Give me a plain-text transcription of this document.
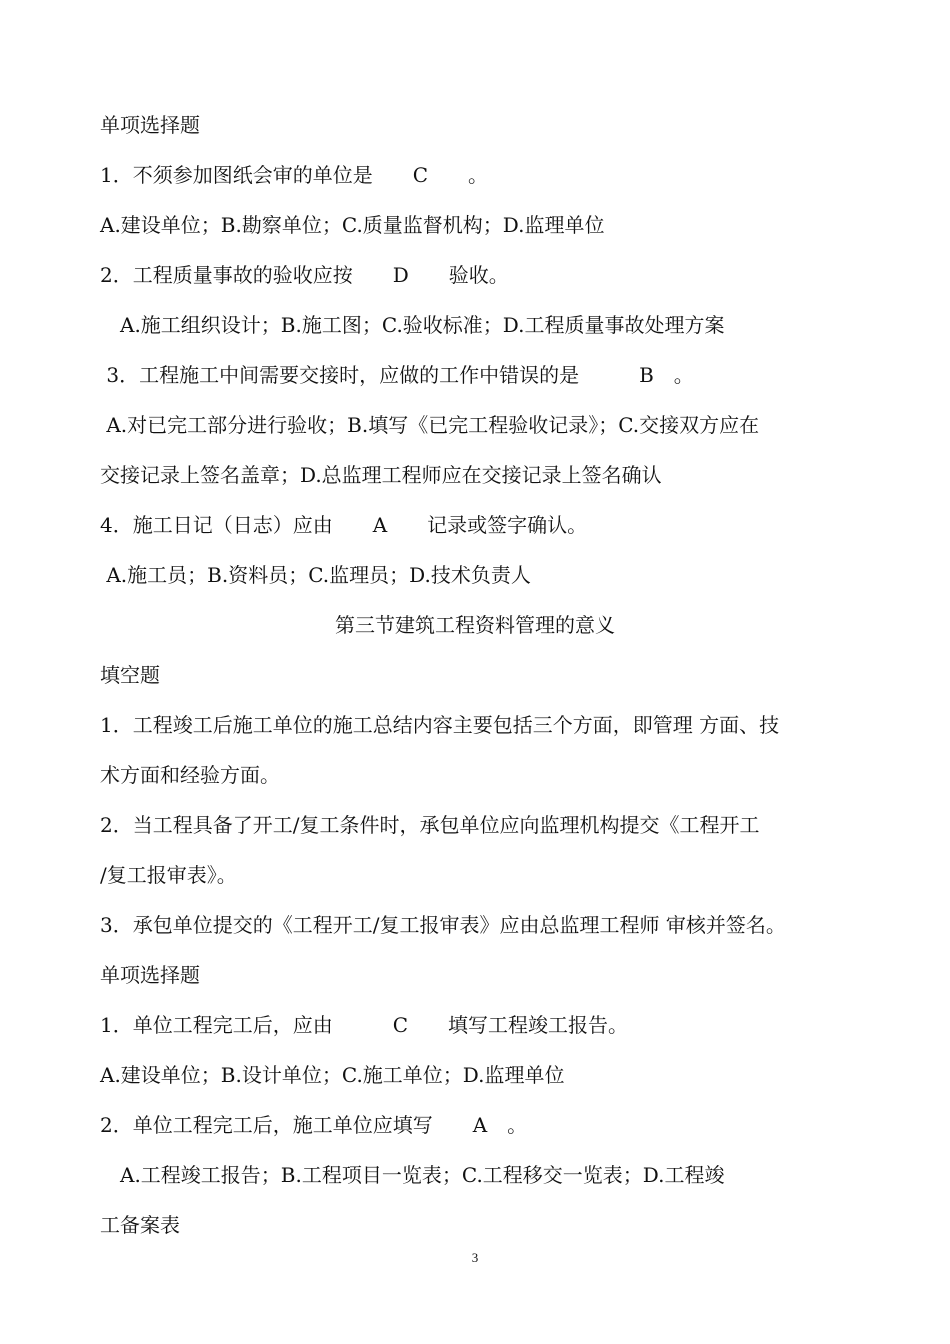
单项选择题
1．不须参加图纸会审的单位是　　C　　。
A.建设单位；B.勘察单位；C.质量监督机构；D.监理单位
2．工程质量事故的验收应按　　D　　验收。
　A.施工组织设计；B.施工图；C.验收标准；D.工程质量事故处理方案
3．工程施工中间需要交接时，应做的工作中错误的是　　　B　。
A.对已完工部分进行验收；B.填写《已完工程验收记录》；C.交接双方应在
交接记录上签名盖章；D.总监理工程师应在交接记录上签名确认
4．施工日记（日志）应由　　A　　记录或签字确认。
A.施工员；B.资料员；C.监理员；D.技术负责人
第三节建筑工程资料管理的意义
填空题
1．工程竣工后施工单位的施工总结内容主要包括三个方面，即管理 方面、技
术方面和经验方面。
2．当工程具备了开工/复工条件时，承包单位应向监理机构提交《工程开工
/复工报审表》。
3．承包单位提交的《工程开工/复工报审表》应由总监理工程师 审核并签名。
单项选择题
1．单位工程完工后，应由　　　C　　填写工程竣工报告。
A.建设单位；B.设计单位；C.施工单位；D.监理单位
2．单位工程完工后，施工单位应填写　　A　。
　A.工程竣工报告；B.工程项目一览表；C.工程移交一览表；D.工程竣
工备案表
3
